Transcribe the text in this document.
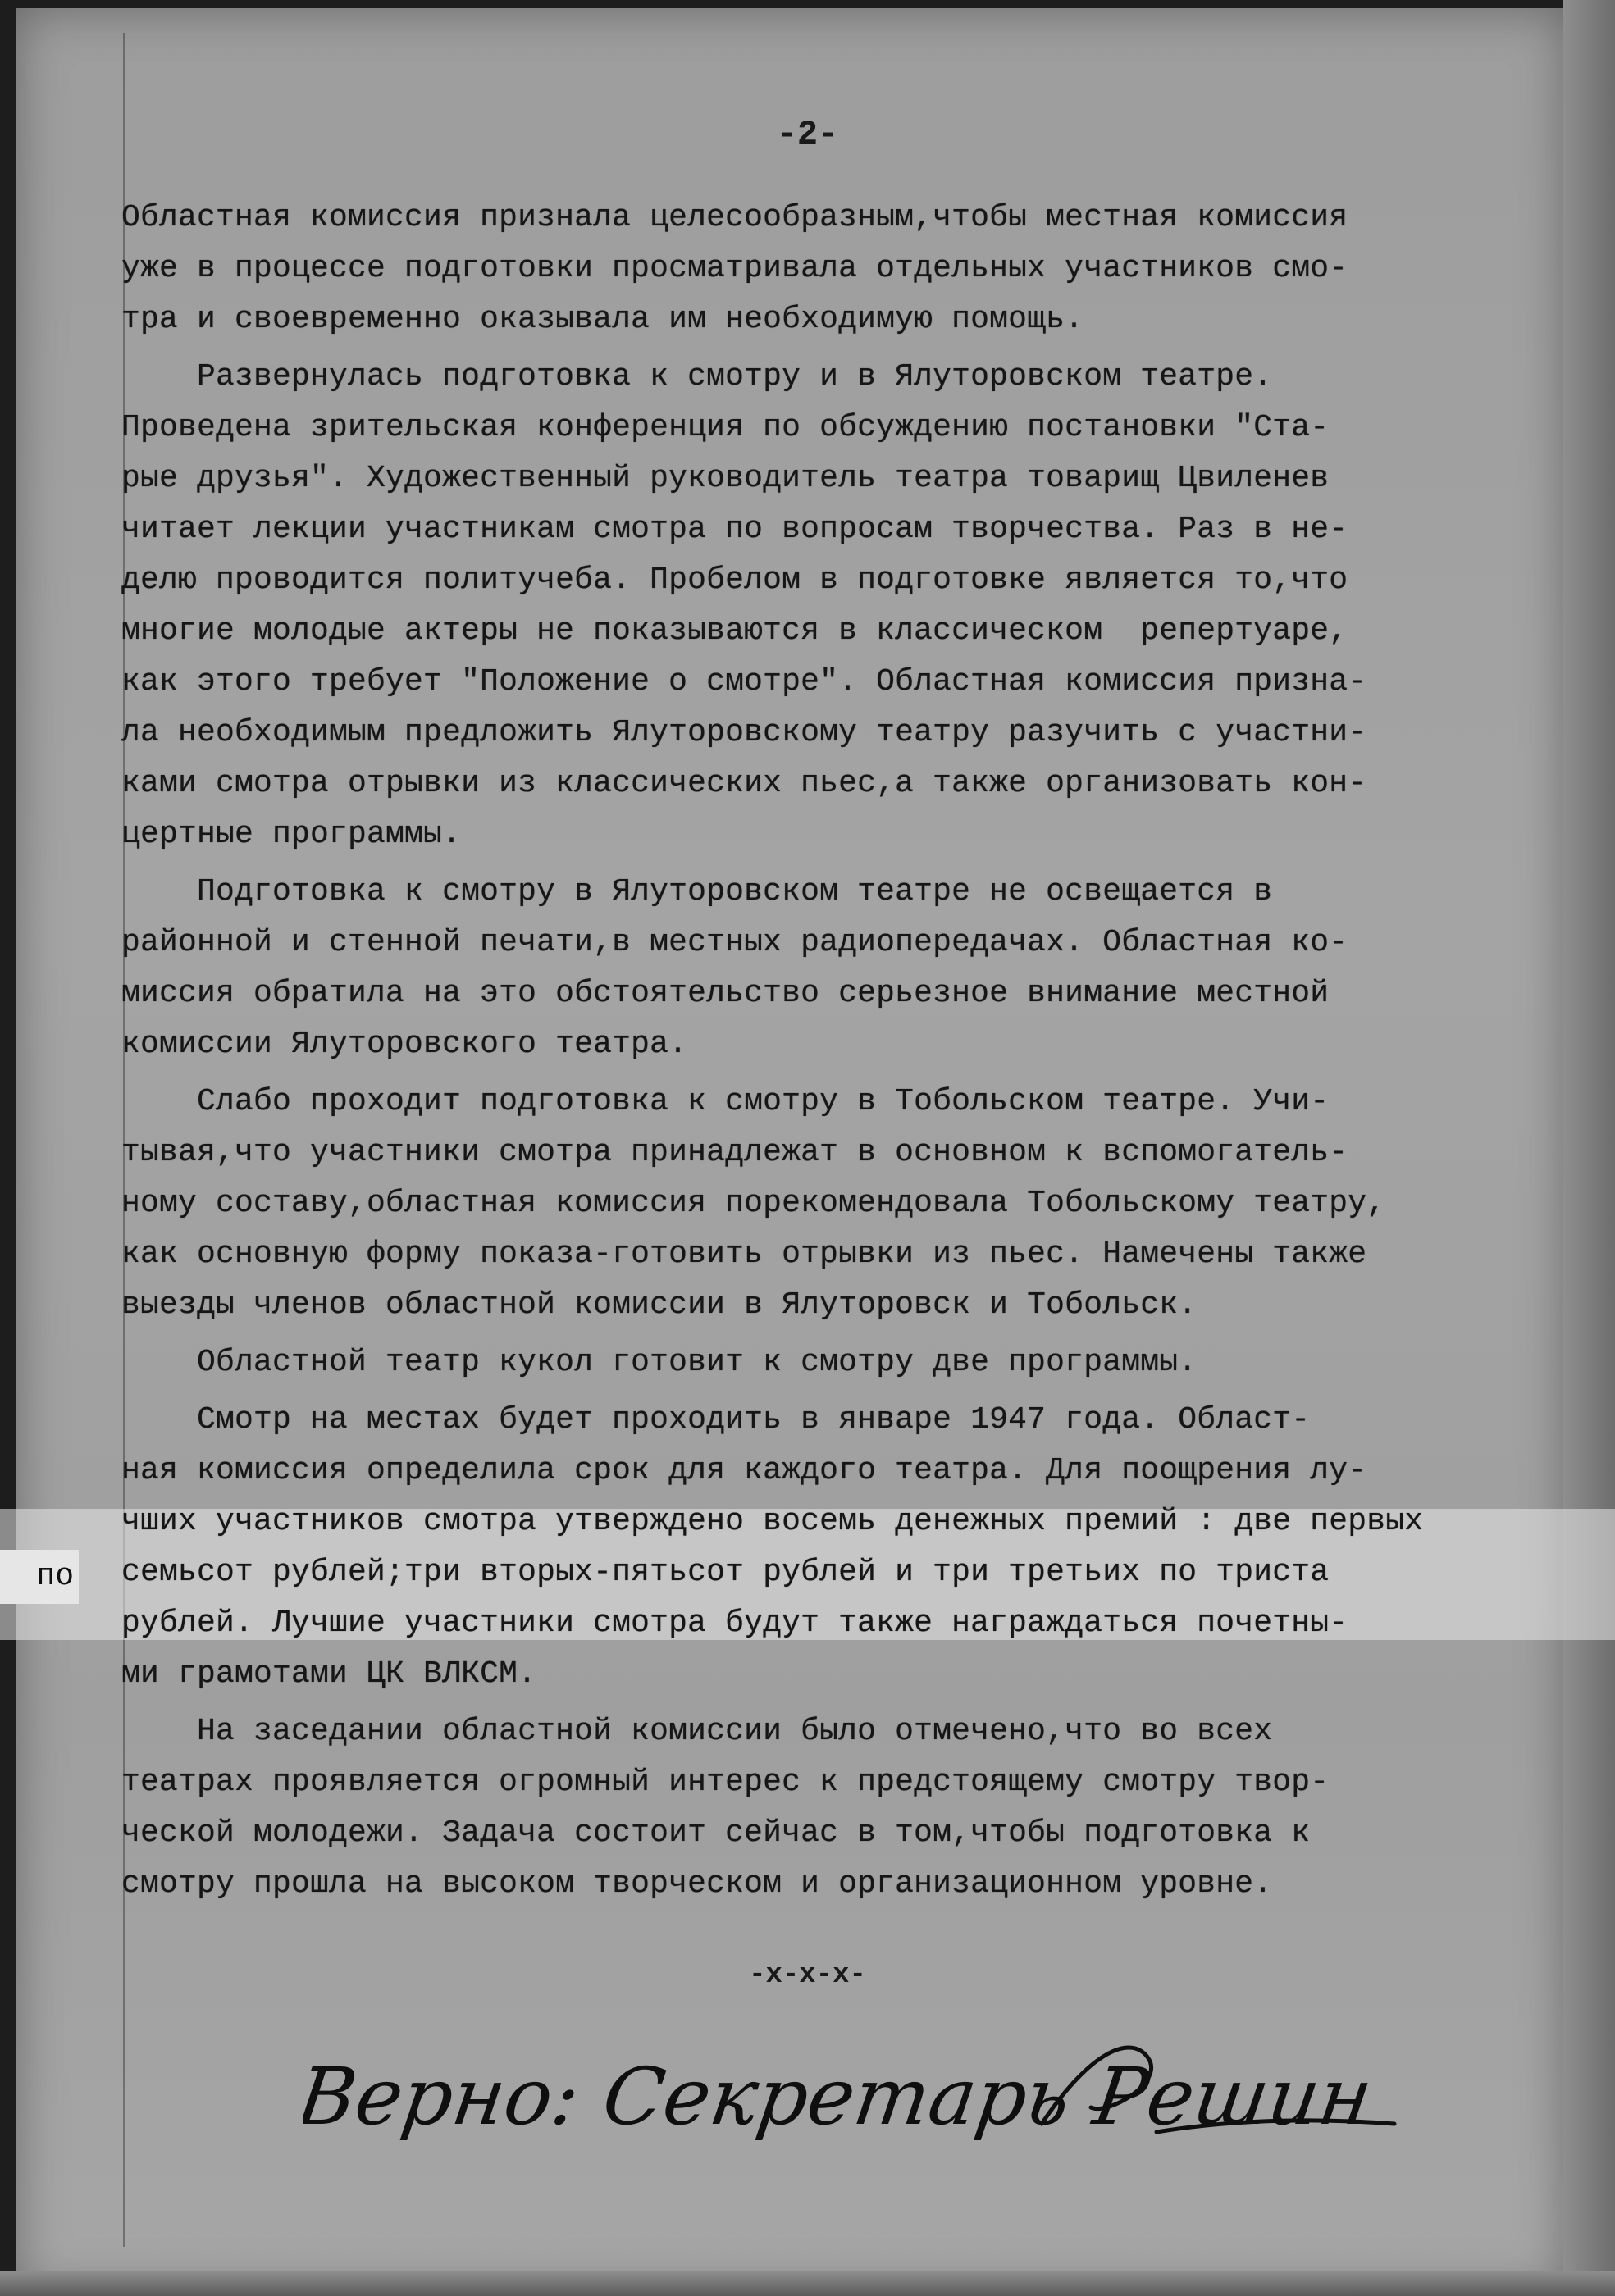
по
-2-
Областная комиссия признала целесообразным,чтобы местная комиссия
уже в процессе подготовки просматривала отдельных участников смо-
тра и своевременно оказывала им необходимую помощь.
Развернулась подготовка к смотру и в Ялуторовском театре.
Проведена зрительская конференция по обсуждению постановки "Ста-
рые друзья". Художественный руководитель театра товарищ Цвиленев
читает лекции участникам смотра по вопросам творчества. Раз в не-
делю проводится политучеба. Пробелом в подготовке является то,что
многие молодые актеры не показываются в классическом  репертуаре,
как этого требует "Положение о смотре". Областная комиссия призна-
ла необходимым предложить Ялуторовскому театру разучить с участни-
ками смотра отрывки из классических пьес,а также организовать кон-
цертные программы.
Подготовка к смотру в Ялуторовском театре не освещается в
районной и стенной печати,в местных радиопередачах. Областная ко-
миссия обратила на это обстоятельство серьезное внимание местной
комиссии Ялуторовского театра.
Слабо проходит подготовка к смотру в Тобольском театре. Учи-
тывая,что участники смотра принадлежат в основном к вспомогатель-
ному составу,областная комиссия порекомендовала Тобольскому театру,
как основную форму показа-готовить отрывки из пьес. Намечены также
выезды членов областной комиссии в Ялуторовск и Тобольск.
Областной театр кукол готовит к смотру две программы.
Смотр на местах будет проходить в январе 1947 года. Област-
ная комиссия определила срок для каждого театра. Для поощрения лу-
чших участников смотра утверждено восемь денежных премий : две первых
семьсот рублей;три вторых-пятьсот рублей и три третьих по триста
рублей. Лучшие участники смотра будут также награждаться почетны-
ми грамотами ЦК ВЛКСМ.
На заседании областной комиссии было отмечено,что во всех
театрах проявляется огромный интерес к предстоящему смотру твор-
ческой молодежи. Задача состоит сейчас в том,чтобы подготовка к
смотру прошла на высоком творческом и организационном уровне.
-x-x-x-
Верно: Секретарь Решин
